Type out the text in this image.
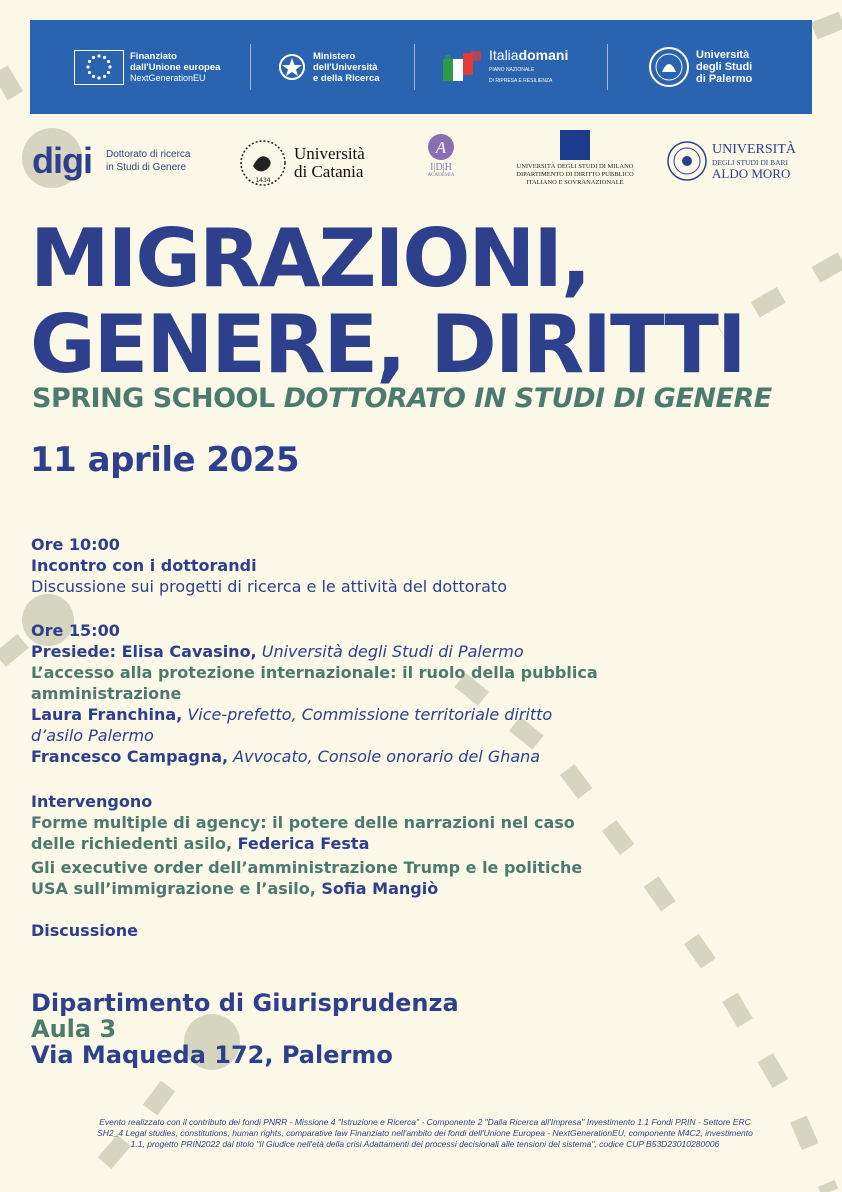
Finanziato
dall'Unione europea
NextGenerationEU
Ministero
dell'Università
e della Ricerca
Italiadomani
PIANO NAZIONALE
DI RIPRESA E RESILIENZA
Università
degli Studi
di Palermo
digi Dottorato di ricerca
in Studi di Genere
1434
Università
di Catania
A
I|D|H
ACADEMIA
UNIVERSITÀ DEGLI STUDI DI MILANO
DIPARTIMENTO DI DIRITTO PUBBLICO
ITALIANO E SOVRANAZIONALE
UNIVERSITÀ
DEGLI STUDI DI BARI
ALDO MORO
MIGRAZIONI,
GENERE, DIRITTI
SPRING SCHOOL DOTTORATO IN STUDI DI GENERE
11 aprile 2025
Ore 10:00
Incontro con i dottorandi
Discussione sui progetti di ricerca e le attività del dottorato
Ore 15:00
Presiede: Elisa Cavasino, Università degli Studi di Palermo
L’accesso alla protezione internazionale: il ruolo della pubblica
amministrazione
Laura Franchina, Vice-prefetto, Commissione territoriale diritto
d’asilo Palermo
Francesco Campagna, Avvocato, Console onorario del Ghana
Intervengono
Forme multiple di agency: il potere delle narrazioni nel caso
delle richiedenti asilo, Federica Festa
Gli executive order dell’amministrazione Trump e le politiche
USA sull’immigrazione e l’asilo, Sofia Mangiò
Discussione
Dipartimento di Giurisprudenza
Aula 3
Via Maqueda 172, Palermo
Evento realizzato con il contributo dei fondi PNRR - Missione 4 "Istruzione e Ricerca" - Componente 2 "Dalla Ricerca all'Impresa" Investimento 1.1 Fondi PRIN - Settore ERC
SH2_4 Legal studies, constitutions, human rights, comparative law Finanziato nell'ambito dei fondi dell'Unione Europea - NextGenerationEU, componente M4C2, investimento
1.1, progetto PRIN2022 dal titolo "Il Giudice nell'età della crisi Adattamenti dei processi decisionali alle tensioni del sistema", codice CUP B53D23010280006
